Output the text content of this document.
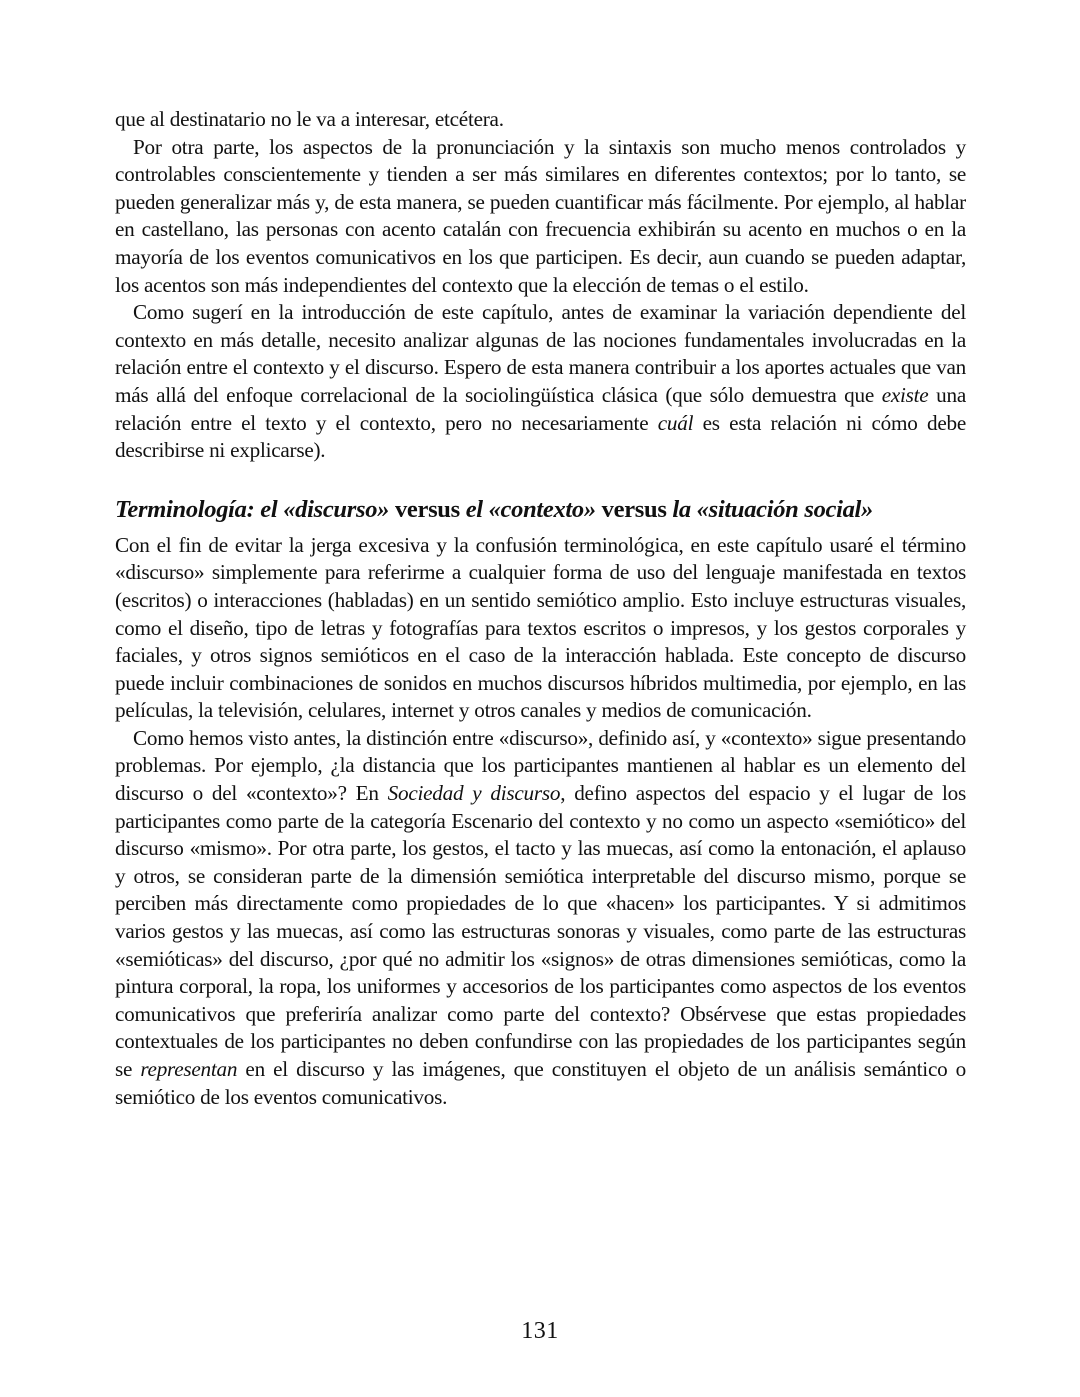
que al destinatario no le va a interesar, etcétera.

Por otra parte, los aspectos de la pronunciación y la sintaxis son mucho menos controlados y controlables conscientemente y tienden a ser más similares en diferentes contextos; por lo tanto, se pueden generalizar más y, de esta manera, se pueden cuantificar más fácilmente. Por ejemplo, al hablar en castellano, las personas con acento catalán con frecuencia exhibirán su acento en muchos o en la mayoría de los eventos comunicativos en los que participen. Es decir, aun cuando se pueden adaptar, los acentos son más independientes del contexto que la elección de temas o el estilo.

Como sugerí en la introducción de este capítulo, antes de examinar la variación dependiente del contexto en más detalle, necesito analizar algunas de las nociones fundamentales involucradas en la relación entre el contexto y el discurso. Espero de esta manera contribuir a los aportes actuales que van más allá del enfoque correlacional de la sociolingüística clásica (que sólo demuestra que existe una relación entre el texto y el contexto, pero no necesariamente cuál es esta relación ni cómo debe describirse ni explicarse).

Terminología: el «discurso» versus el «contexto» versus la «situación social»

Con el fin de evitar la jerga excesiva y la confusión terminológica, en este capítulo usaré el término «discurso» simplemente para referirme a cualquier forma de uso del lenguaje manifestada en textos (escritos) o interacciones (habladas) en un sentido semiótico amplio. Esto incluye estructuras visuales, como el diseño, tipo de letras y fotografías para textos escritos o impresos, y los gestos corporales y faciales, y otros signos semióticos en el caso de la interacción hablada. Este concepto de discurso puede incluir combinaciones de sonidos en muchos discursos híbridos multimedia, por ejemplo, en las películas, la televisión, celulares, internet y otros canales y medios de comunicación.

Como hemos visto antes, la distinción entre «discurso», definido así, y «contexto» sigue presentando problemas. Por ejemplo, ¿la distancia que los participantes mantienen al hablar es un elemento del discurso o del «contexto»? En Sociedad y discurso, defino aspectos del espacio y el lugar de los participantes como parte de la categoría Escenario del contexto y no como un aspecto «semiótico» del discurso «mismo». Por otra parte, los gestos, el tacto y las muecas, así como la entonación, el aplauso y otros, se consideran parte de la dimensión semiótica interpretable del discurso mismo, porque se perciben más directamente como propiedades de lo que «hacen» los participantes. Y si admitimos varios gestos y las muecas, así como las estructuras sonoras y visuales, como parte de las estructuras «semióticas» del discurso, ¿por qué no admitir los «signos» de otras dimensiones semióticas, como la pintura corporal, la ropa, los uniformes y accesorios de los participantes como aspectos de los eventos comunicativos que preferiría analizar como parte del contexto? Obsérvese que estas propiedades contextuales de los participantes no deben confundirse con las propiedades de los participantes según se representan en el discurso y las imágenes, que constituyen el objeto de un análisis semántico o semiótico de los eventos comunicativos.

131
